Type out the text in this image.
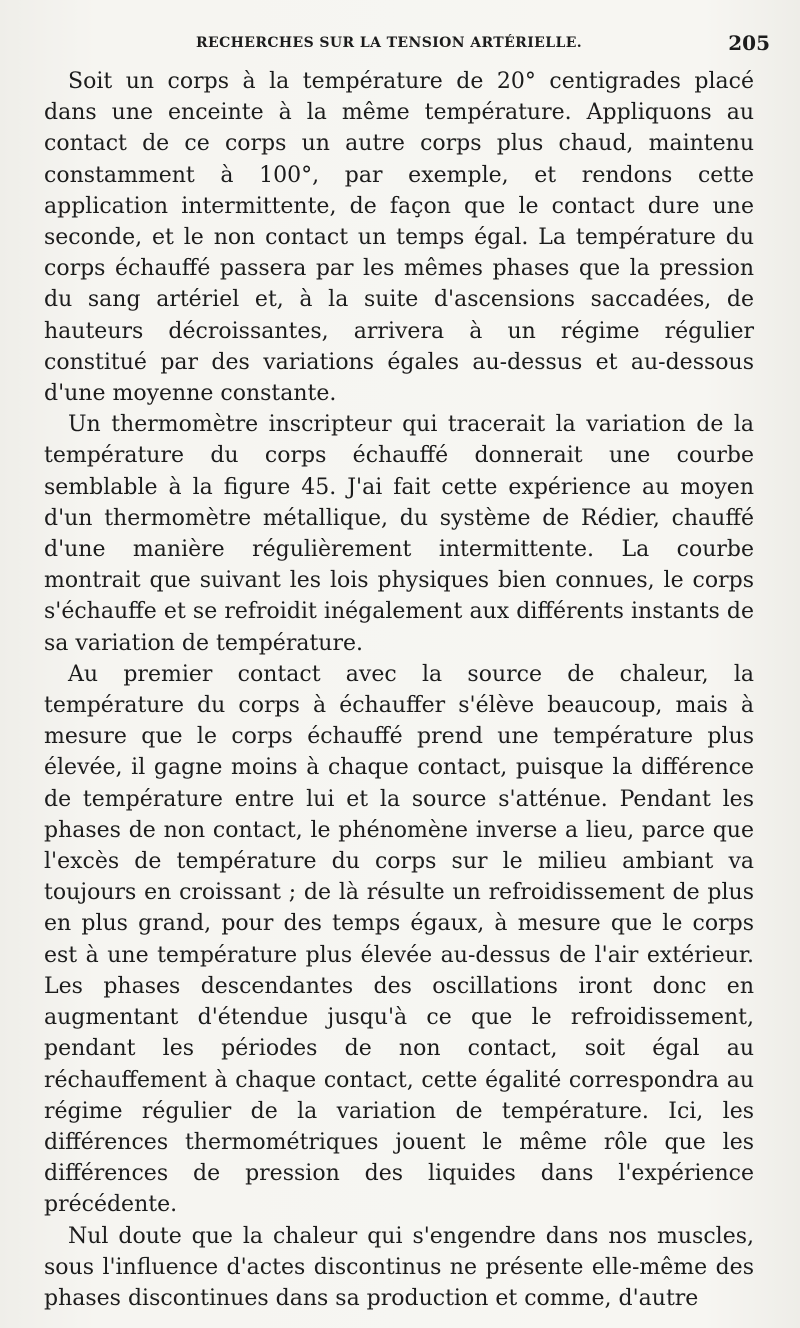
RECHERCHES SUR LA TENSION ARTÉRIELLE.	205

Soit un corps à la température de 20° centigrades placé dans une enceinte à la même température. Appliquons au contact de ce corps un autre corps plus chaud, maintenu constamment à 100°, par exemple, et rendons cette application intermittente, de façon que le contact dure une seconde, et le non contact un temps égal. La température du corps échauffé passera par les mêmes phases que la pression du sang artériel et, à la suite d'ascensions saccadées, de hauteurs décroissantes, arrivera à un régime régulier constitué par des variations égales au-dessus et au-dessous d'une moyenne constante.

Un thermomètre inscripteur qui tracerait la variation de la température du corps échauffé donnerait une courbe semblable à la figure 45. J'ai fait cette expérience au moyen d'un thermomètre métallique, du système de Rédier, chauffé d'une manière régulièrement intermittente. La courbe montrait que suivant les lois physiques bien connues, le corps s'échauffe et se refroidit inégalement aux différents instants de sa variation de température.

Au premier contact avec la source de chaleur, la température du corps à échauffer s'élève beaucoup, mais à mesure que le corps échauffé prend une température plus élevée, il gagne moins à chaque contact, puisque la différence de température entre lui et la source s'atténue. Pendant les phases de non contact, le phénomène inverse a lieu, parce que l'excès de température du corps sur le milieu ambiant va toujours en croissant ; de là résulte un refroidissement de plus en plus grand, pour des temps égaux, à mesure que le corps est à une température plus élevée au-dessus de l'air extérieur. Les phases descendantes des oscillations iront donc en augmentant d'étendue jusqu'à ce que le refroidissement, pendant les périodes de non contact, soit égal au réchauffement à chaque contact, cette égalité correspondra au régime régulier de la variation de température. Ici, les différences thermométriques jouent le même rôle que les différences de pression des liquides dans l'expérience précédente.

Nul doute que la chaleur qui s'engendre dans nos muscles, sous l'influence d'actes discontinus ne présente elle-même des phases discontinues dans sa production et comme, d'autre
